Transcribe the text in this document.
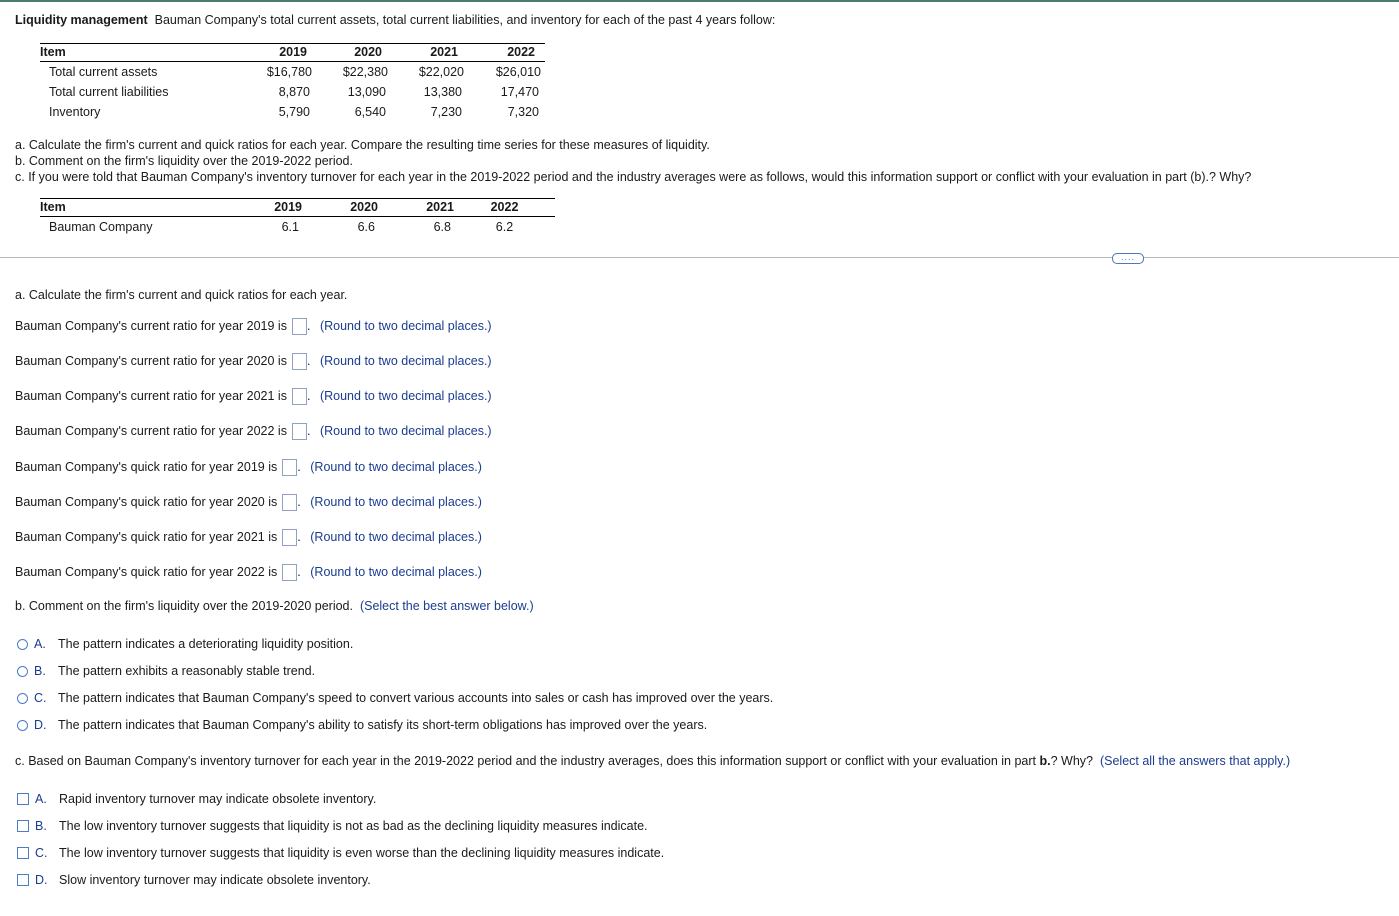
Liquidity management Bauman Company's total current assets, total current liabilities, and inventory for each of the past 4 years follow:
Item	2019	2020	2021	2022
Total current assets	$16,780	$22,380	$22,020	$26,010
Total current liabilities	8,870	13,090	13,380	17,470
Inventory	5,790	6,540	7,230	7,320
a. Calculate the firm's current and quick ratios for each year. Compare the resulting time series for these measures of liquidity.
b. Comment on the firm's liquidity over the 2019-2022 period.
c. If you were told that Bauman Company's inventory turnover for each year in the 2019-2022 period and the industry averages were as follows, would this information support or conflict with your evaluation in part (b).? Why?
Item	2019	2020	2021	2022
Bauman Company	6.1	6.6	6.8	6.2
....
a. Calculate the firm's current and quick ratios for each year.
Bauman Company's current ratio for year 2019 is . (Round to two decimal places.)
Bauman Company's current ratio for year 2020 is . (Round to two decimal places.)
Bauman Company's current ratio for year 2021 is . (Round to two decimal places.)
Bauman Company's current ratio for year 2022 is . (Round to two decimal places.)
Bauman Company's quick ratio for year 2019 is . (Round to two decimal places.)
Bauman Company's quick ratio for year 2020 is . (Round to two decimal places.)
Bauman Company's quick ratio for year 2021 is . (Round to two decimal places.)
Bauman Company's quick ratio for year 2022 is . (Round to two decimal places.)
b. Comment on the firm's liquidity over the 2019-2020 period. (Select the best answer below.)
A. The pattern indicates a deteriorating liquidity position.
B. The pattern exhibits a reasonably stable trend.
C. The pattern indicates that Bauman Company's speed to convert various accounts into sales or cash has improved over the years.
D. The pattern indicates that Bauman Company's ability to satisfy its short-term obligations has improved over the years.
c. Based on Bauman Company's inventory turnover for each year in the 2019-2022 period and the industry averages, does this information support or conflict with your evaluation in part b.? Why? (Select all the answers that apply.)
A. Rapid inventory turnover may indicate obsolete inventory.
B. The low inventory turnover suggests that liquidity is not as bad as the declining liquidity measures indicate.
C. The low inventory turnover suggests that liquidity is even worse than the declining liquidity measures indicate.
D. Slow inventory turnover may indicate obsolete inventory.
